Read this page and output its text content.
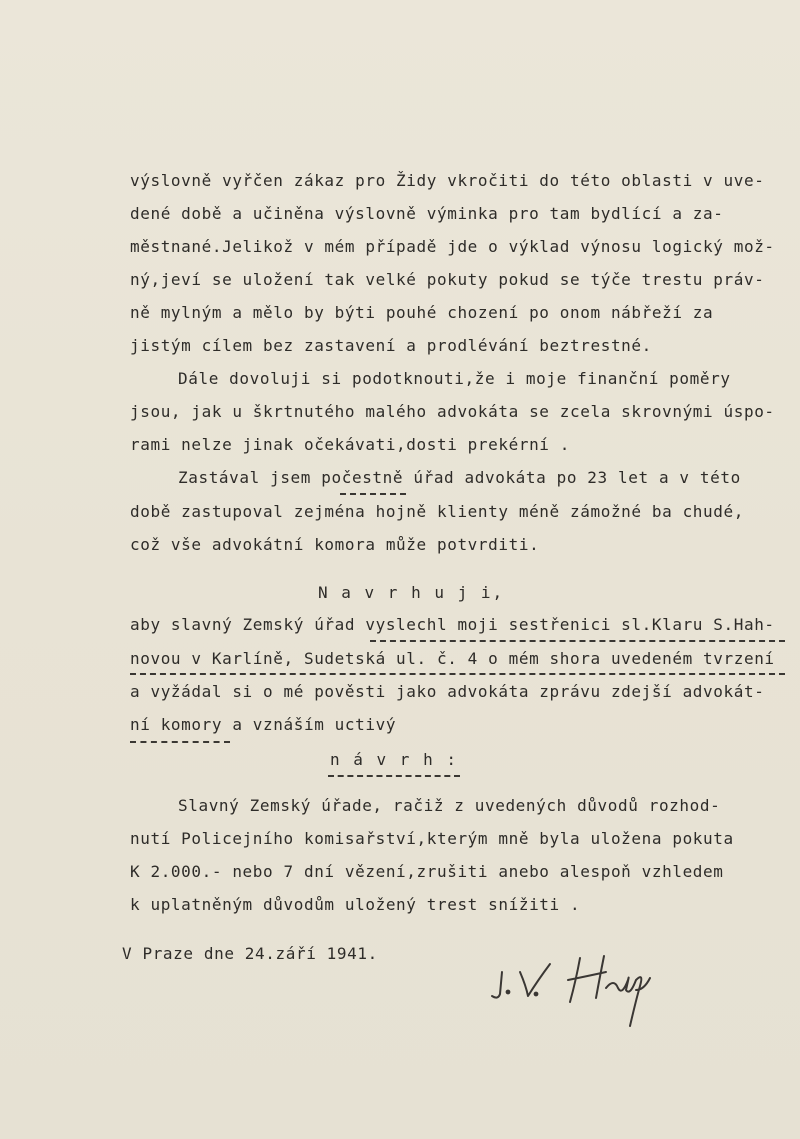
výslovně vyřčen zákaz pro Židy vkročiti do této oblasti v uve-
dené době a učiněna výslovně výminka pro tam bydlící a za-
městnané.Jelikož v mém případě jde o výklad výnosu logický mož-
ný,jeví se uložení tak velké pokuty pokud se týče trestu práv-
ně mylným a mělo by býti pouhé chození po onom nábřeží za
jistým cílem bez zastavení a prodlévání beztrestné.
Dále dovoluji si podotknouti,že i moje finanční poměry
jsou, jak u škrtnutého malého advokáta se zcela skrovnými úspo-
rami nelze jinak očekávati,dosti prekérní .
Zastával jsem počestně úřad advokáta po 23 let a v této
době zastupoval zejména hojně klienty méně zámožné ba chudé,
což vše advokátní komora může potvrditi.
N a v r h u j i,
aby slavný Zemský úřad vyslechl moji sestřenici sl.Klaru S.Hah-
novou v Karlíně, Sudetská ul. č. 4 o mém shora uvedeném tvrzení
a vyžádal si o mé pověsti jako advokáta zprávu zdejší advokát-
ní komory a vznáším uctivý
n á v r h :
Slavný Zemský úřade, račiž z uvedených důvodů rozhod-
nutí Policejního komisařství,kterým mně byla uložena pokuta
K 2.000.- nebo 7 dní vězení,zrušiti anebo alespoň vzhledem
k uplatněným důvodům uložený trest snížiti .
V Praze dne 24.září 1941.
